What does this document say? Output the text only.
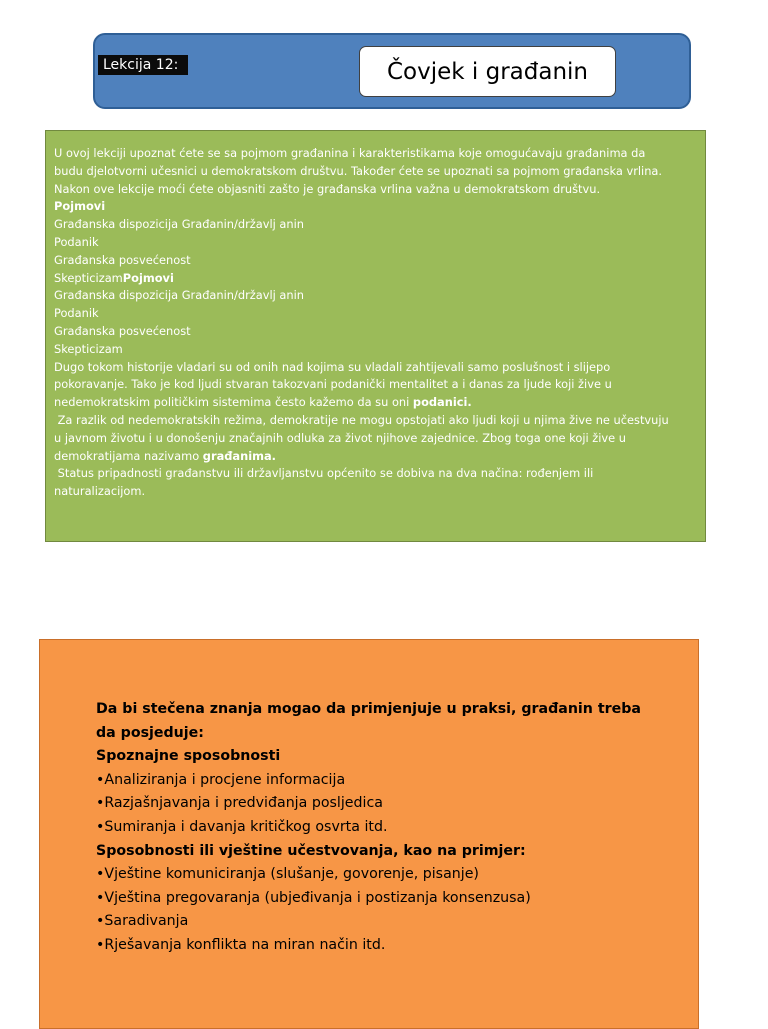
Lekcija 12:	Čovjek i građanin

U ovoj lekciji upoznat ćete se sa pojmom građanina i karakteristikama koje omogućavaju građanima da

budu djelotvorni učesnici u demokratskom društvu. Također ćete se upoznati sa pojmom građanska vrlina.

Nakon ove lekcije moći ćete objasniti zašto je građanska vrlina važna u demokratskom društvu.

Pojmovi

Građanska dispozicija Građanin/državlj anin

Podanik

Građanska posvećenost

SkepticizamPojmovi

Građanska dispozicija Građanin/državlj anin

Podanik

Građanska posvećenost

Skepticizam

Dugo tokom historije vladari su od onih nad kojima su vladali zahtijevali samo poslušnost i slijepo

pokoravanje. Tako je kod ljudi stvaran takozvani podanički mentalitet a i danas za ljude koji žive u

nedemokratskim političkim sistemima često kažemo da su oni podanici.

Za razlik od nedemokratskih režima, demokratije ne mogu opstojati ako ljudi koji u njima žive ne učestvuju

u javnom životu i u donošenju značajnih odluka za život njihove zajednice. Zbog toga one koji žive u

demokratijama nazivamo građanima.

Status pripadnosti građanstvu ili državljanstvu općenito se dobiva na dva načina: rođenjem ili

naturalizacijom.

Da bi stečena znanja mogao da primjenjuje u praksi, građanin treba

da posjeduje:

Spoznajne sposobnosti

•Analiziranja i procjene informacija

•Razjašnjavanja i predviđanja posljedica

•Sumiranja i davanja kritičkog osvrta itd.

Sposobnosti ili vještine učestvovanja, kao na primjer:

•Vještine komuniciranja (slušanje, govorenje, pisanje)

•Vještina pregovaranja (ubjeđivanja i postizanja konsenzusa)

•Saradivanja

•Rješavanja konflikta na miran način itd.
